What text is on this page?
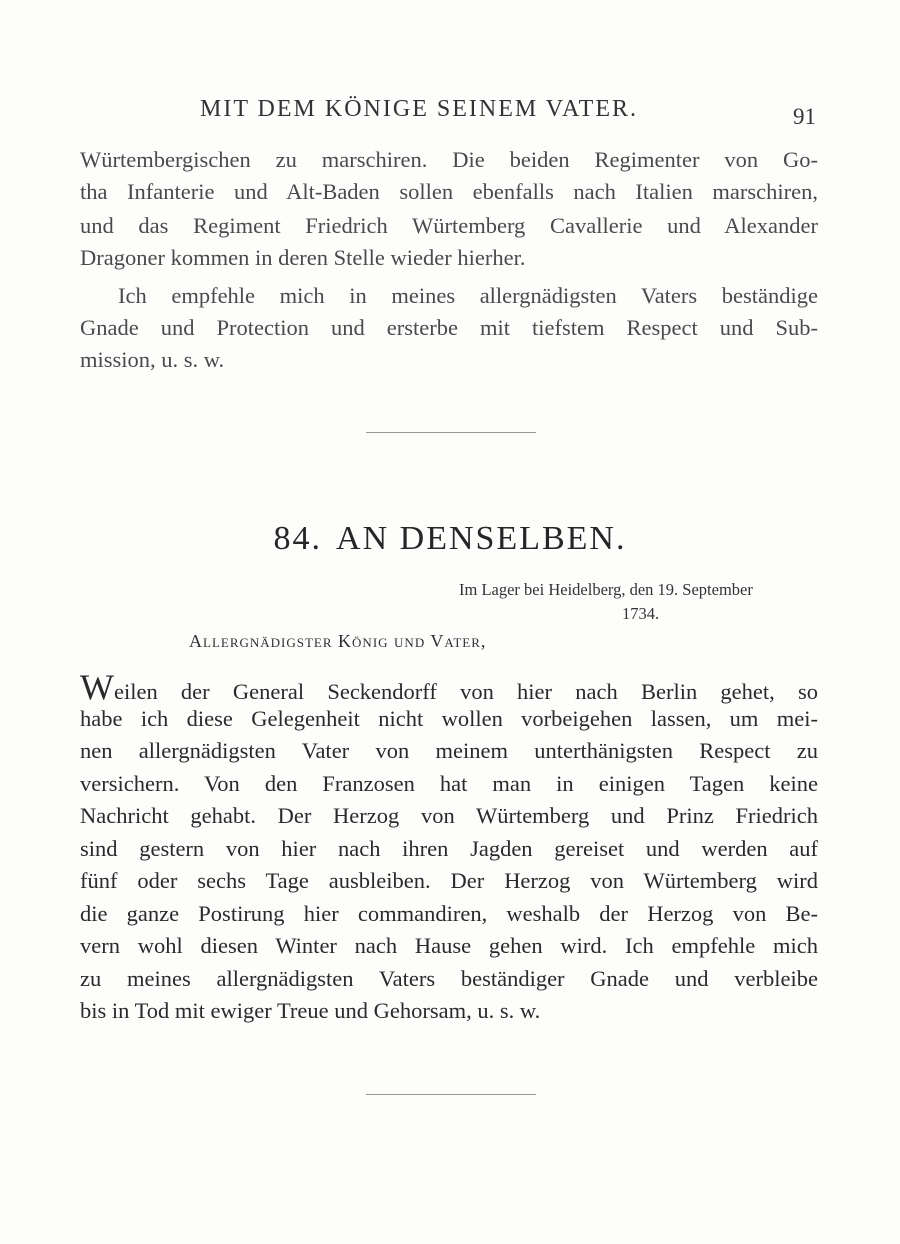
MIT DEM KÖNIGE SEINEM VATER.	91
Würtembergischen zu marschiren. Die beiden Regimenter von Go-
tha Infanterie und Alt-Baden sollen ebenfalls nach Italien marschiren,
und das Regiment Friedrich Würtemberg Cavallerie und Alexander
Dragoner kommen in deren Stelle wieder hierher.
Ich empfehle mich in meines allergnädigsten Vaters beständige
Gnade und Protection und ersterbe mit tiefstem Respect und Sub-
mission, u. s. w.
84. AN DENSELBEN.
Im Lager bei Heidelberg, den 19. September
1734.
Allergnädigster König und Vater,
Weilen der General Seckendorff von hier nach Berlin gehet, so
habe ich diese Gelegenheit nicht wollen vorbeigehen lassen, um mei-
nen allergnädigsten Vater von meinem unterthänigsten Respect zu
versichern. Von den Franzosen hat man in einigen Tagen keine
Nachricht gehabt. Der Herzog von Würtemberg und Prinz Friedrich
sind gestern von hier nach ihren Jagden gereiset und werden auf
fünf oder sechs Tage ausbleiben. Der Herzog von Würtemberg wird
die ganze Postirung hier commandiren, weshalb der Herzog von Be-
vern wohl diesen Winter nach Hause gehen wird. Ich empfehle mich
zu meines allergnädigsten Vaters beständiger Gnade und verbleibe
bis in Tod mit ewiger Treue und Gehorsam, u. s. w.
